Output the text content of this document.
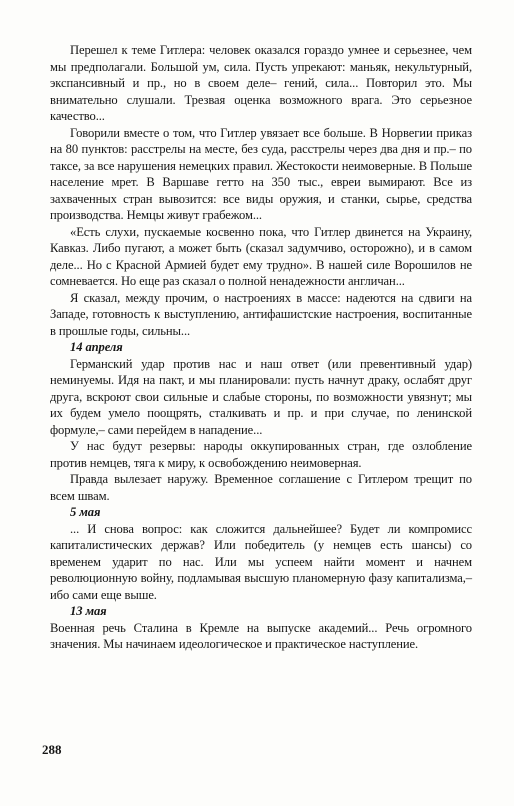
Перешел к теме Гитлера: человек оказался гораздо умнее и серьезнее, чем мы предполагали. Большой ум, сила. Пусть упрекают: маньяк, некультурный, экспансивный и пр., но в своем деле– гений, сила... Повторил это. Мы внимательно слушали. Трезвая оценка возможного врага. Это серьезное качество...

Говорили вместе о том, что Гитлер увязает все больше. В Норвегии приказ на 80 пунктов: расстрелы на месте, без суда, расстрелы через два дня и пр.– по таксе, за все нарушения немецких правил. Жестокости неимоверные. В Польше население мрет. В Варшаве гетто на 350 тыс., евреи вымирают. Все из захваченных стран вывозится: все виды оружия, и станки, сырье, средства производства. Немцы живут грабежом...

«Есть слухи, пускаемые косвенно пока, что Гитлер двинется на Украину, Кавказ. Либо пугают, а может быть (сказал задумчиво, осторожно), и в самом деле... Но с Красной Армией будет ему трудно». В нашей силе Ворошилов не сомневается. Но еще раз сказал о полной ненадежности англичан...

Я сказал, между прочим, о настроениях в массе: надеются на сдвиги на Западе, готовность к выступлению, антифашистские настроения, воспитанные в прошлые годы, сильны...

14 апреля

Германский удар против нас и наш ответ (или превентивный удар) неминуемы. Идя на пакт, и мы планировали: пусть начнут драку, ослабят друг друга, вскроют свои сильные и слабые стороны, по возможности увязнут; мы их будем умело поощрять, сталкивать и пр. и при случае, по ленинской формуле,– сами перейдем в нападение...

У нас будут резервы: народы оккупированных стран, где озлобление против немцев, тяга к миру, к освобождению неимоверная.

Правда вылезает наружу. Временное соглашение с Гитлером трещит по всем швам.

5 мая

... И снова вопрос: как сложится дальнейшее? Будет ли компромисс капиталистических держав? Или победитель (у немцев есть шансы) со временем ударит по нас. Или мы успеем найти момент и начнем революционную войну, подламывая высшую планомерную фазу капитализма,–ибо сами еще выше.

13 мая

Военная речь Сталина в Кремле на выпуске академий... Речь огромного значения. Мы начинаем идеологическое и практическое наступление.

288
